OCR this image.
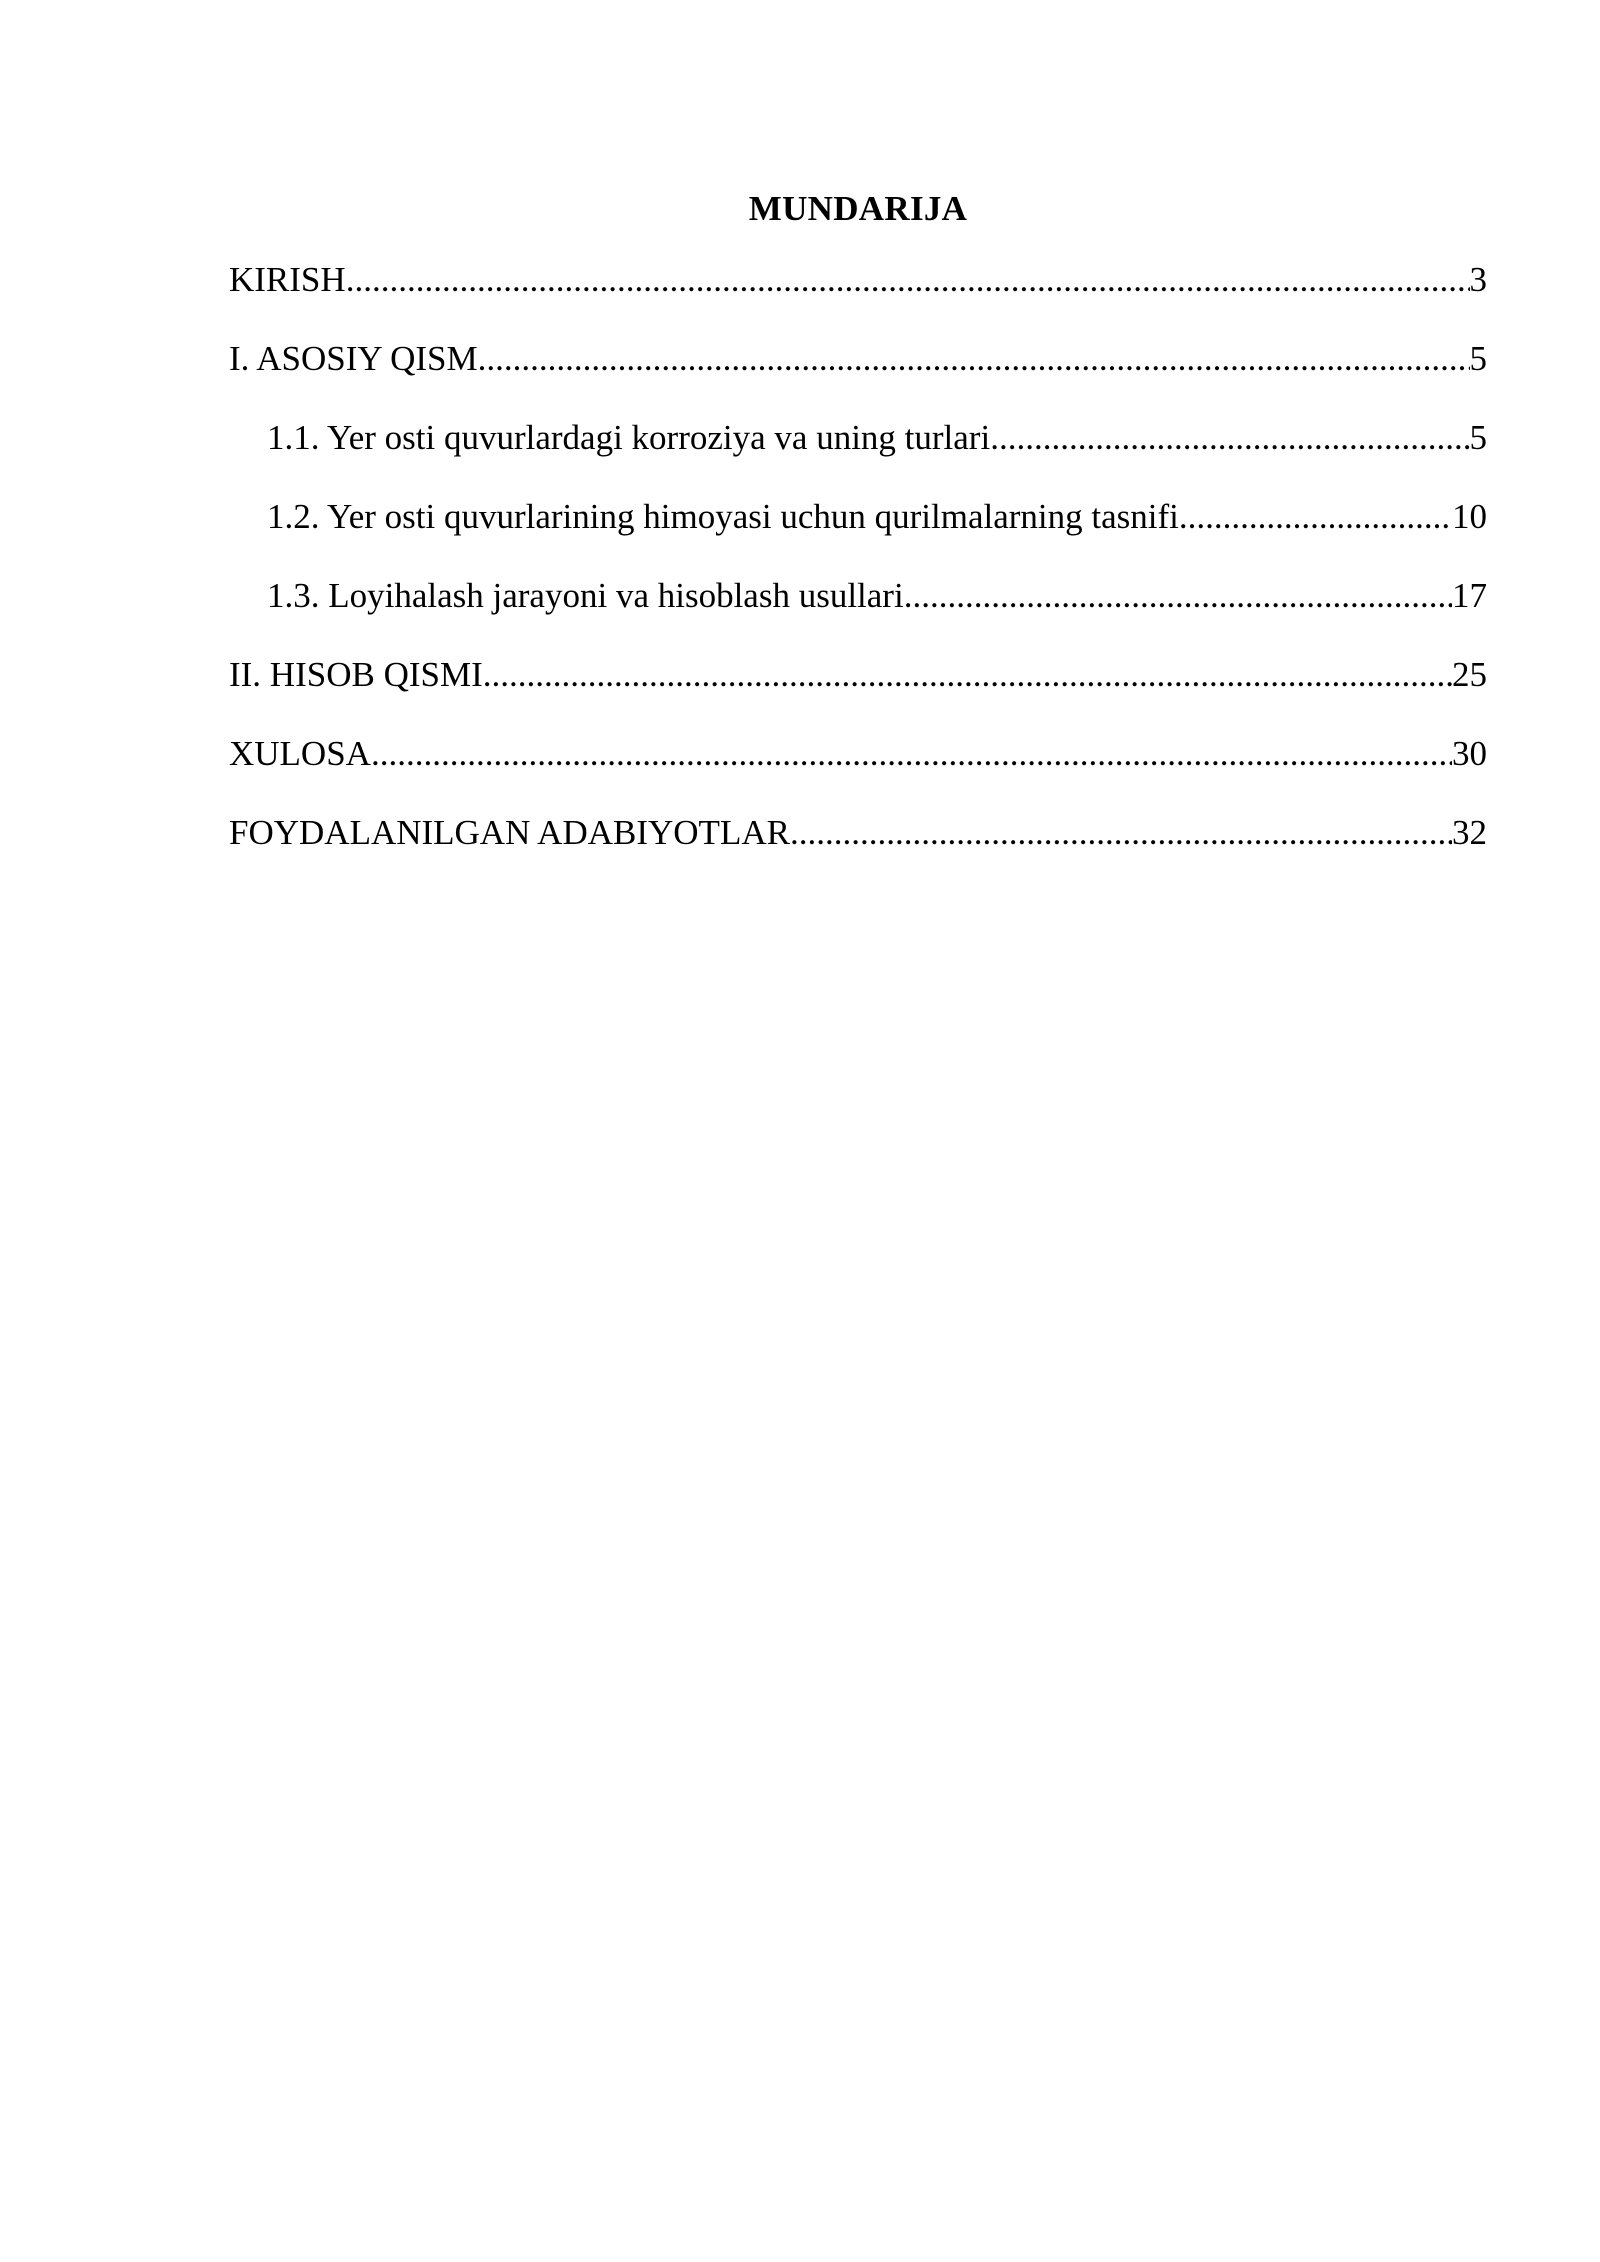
MUNDARIJA
KIRISH .....	3
I. ASOSIY QISM .....	5
1.1. Yer osti quvurlardagi korroziya va uning turlari .....	5
1.2. Yer osti quvurlarining himoyasi uchun qurilmalarning tasnifi .....	10
1.3. Loyihalash jarayoni va hisoblash usullari .....	17
II. HISOB QISMI .....	25
XULOSA .....	30
FOYDALANILGAN ADABIYOTLAR .....	32
